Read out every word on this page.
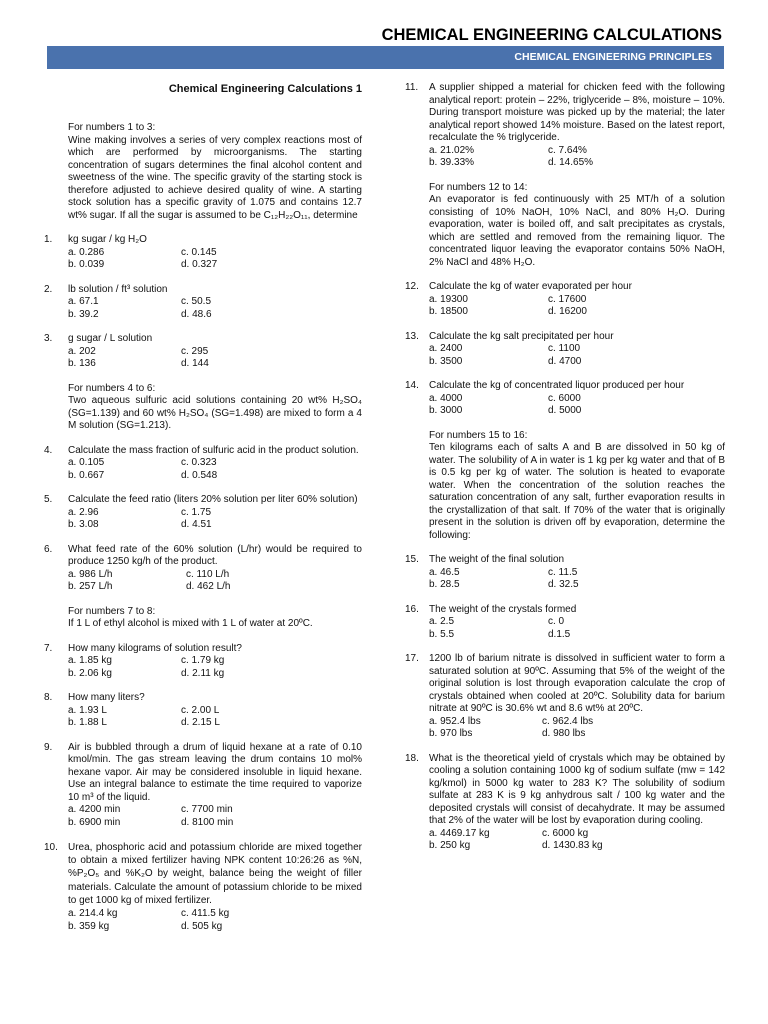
CHEMICAL ENGINEERING CALCULATIONS
CHEMICAL ENGINEERING PRINCIPLES
Chemical Engineering Calculations 1
For numbers 1 to 3:
Wine making involves a series of very complex reactions most of which are performed by microorganisms. The starting concentration of sugars determines the final alcohol content and sweetness of the wine. The specific gravity of the starting stock is therefore adjusted to achieve desired quality of wine. A starting stock solution has a specific gravity of 1.075 and contains 12.7 wt% sugar. If all the sugar is assumed to be C₁₂H₂₂O₁₁, determine
1. kg sugar / kg H₂O
a. 0.286	c. 0.145
b. 0.039	d. 0.327
2. lb solution / ft³ solution
a. 67.1	c. 50.5
b. 39.2	d. 48.6
3. g sugar / L solution
a. 202	c. 295
b. 136	d. 144
For numbers 4 to 6:
Two aqueous sulfuric acid solutions containing 20 wt% H₂SO₄ (SG=1.139) and 60 wt% H₂SO₄ (SG=1.498) are mixed to form a 4 M solution (SG=1.213).
4. Calculate the mass fraction of sulfuric acid in the product solution.
a. 0.105	c. 0.323
b. 0.667	d. 0.548
5. Calculate the feed ratio (liters 20% solution per liter 60% solution)
a. 2.96	c. 1.75
b. 3.08	d. 4.51
6. What feed rate of the 60% solution (L/hr) would be required to produce 1250 kg/h of the product.
a. 986 L/h	c. 110 L/h
b. 257 L/h	d. 462 L/h
For numbers 7 to 8:
If 1 L of ethyl alcohol is mixed with 1 L of water at 20ºC.
7. How many kilograms of solution result?
a. 1.85 kg	c. 1.79 kg
b. 2.06 kg	d. 2.11 kg
8. How many liters?
a. 1.93 L	c. 2.00 L
b. 1.88 L	d. 2.15 L
9. Air is bubbled through a drum of liquid hexane at a rate of 0.10 kmol/min. The gas stream leaving the drum contains 10 mol% hexane vapor. Air may be considered insoluble in liquid hexane. Use an integral balance to estimate the time required to vaporize 10 m³ of the liquid.
a. 4200 min	c. 7700 min
b. 6900 min	d. 8100 min
10. Urea, phosphoric acid and potassium chloride are mixed together to obtain a mixed fertilizer having NPK content 10:26:26 as %N, %P₂O₅ and %K₂O by weight, balance being the weight of filler materials. Calculate the amount of potassium chloride to be mixed to get 1000 kg of mixed fertilizer.
a. 214.4 kg	c. 411.5 kg
b. 359 kg	d. 505 kg
11. A supplier shipped a material for chicken feed with the following analytical report: protein – 22%, triglyceride – 8%, moisture – 10%. During transport moisture was picked up by the material; the later analytical report showed 14% moisture. Based on the latest report, recalculate the % triglyceride.
a. 21.02%	c. 7.64%
b. 39.33%	d. 14.65%
For numbers 12 to 14:
An evaporator is fed continuously with 25 MT/h of a solution consisting of 10% NaOH, 10% NaCl, and 80% H₂O. During evaporation, water is boiled off, and salt precipitates as crystals, which are settled and removed from the remaining liquor. The concentrated liquor leaving the evaporator contains 50% NaOH, 2% NaCl and 48% H₂O.
12. Calculate the kg of water evaporated per hour
a. 19300	c. 17600
b. 18500	d. 16200
13. Calculate the kg salt precipitated per hour
a. 2400	c. 1100
b. 3500	d. 4700
14. Calculate the kg of concentrated liquor produced per hour
a. 4000	c. 6000
b. 3000	d. 5000
For numbers 15 to 16:
Ten kilograms each of salts A and B are dissolved in 50 kg of water. The solubility of A in water is 1 kg per kg water and that of B is 0.5 kg per kg of water. The solution is heated to evaporate water. When the concentration of the solution reaches the saturation concentration of any salt, further evaporation results in the crystallization of that salt. If 70% of the water that is originally present in the solution is driven off by evaporation, determine the following:
15. The weight of the final solution
a. 46.5	c. 11.5
b. 28.5	d. 32.5
16. The weight of the crystals formed
a. 2.5	c. 0
b. 5.5	d.1.5
17. 1200 lb of barium nitrate is dissolved in sufficient water to form a saturated solution at 90ºC. Assuming that 5% of the weight of the original solution is lost through evaporation calculate the crop of crystals obtained when cooled at 20ºC. Solubility data for barium nitrate at 90ºC is 30.6% wt and 8.6 wt% at 20ºC.
a. 952.4 lbs	c. 962.4 lbs
b. 970 lbs	d. 980 lbs
18. What is the theoretical yield of crystals which may be obtained by cooling a solution containing 1000 kg of sodium sulfate (mw = 142 kg/kmol) in 5000 kg water to 283 K? The solubility of sodium sulfate at 283 K is 9 kg anhydrous salt / 100 kg water and the deposited crystals will consist of decahydrate. It may be assumed that 2% of the water will be lost by evaporation during cooling.
a. 4469.17 kg	c. 6000 kg
b. 250 kg	d. 1430.83 kg
